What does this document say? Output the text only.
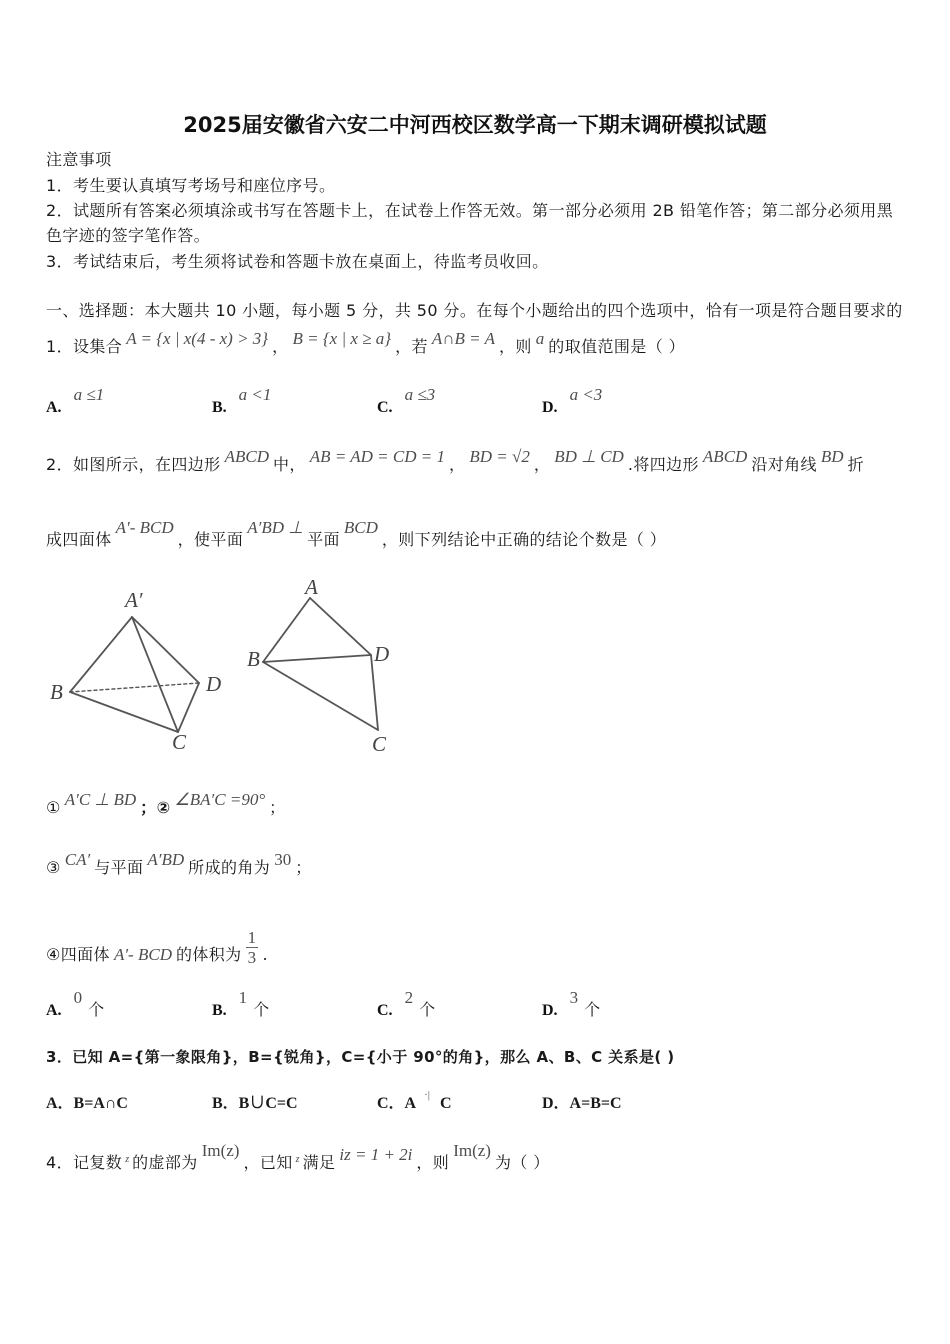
2025届安徽省六安二中河西校区数学高一下期末调研模拟试题
注意事项
1．考生要认真填写考场号和座位序号。
2．试题所有答案必须填涂或书写在答题卡上，在试卷上作答无效。第一部分必须用 2B 铅笔作答；第二部分必须用黑
色字迹的签字笔作答。
3．考试结束后，考生须将试卷和答题卡放在桌面上，待监考员收回。
一、选择题：本大题共 10 小题，每小题 5 分，共 50 分。在每个小题给出的四个选项中，恰有一项是符合题目要求的
1．设集合 A = {x | x(4 - x) > 3} ， B = {x | x ≥ a} ，若 A∩B = A ，则 a 的取值范围是（ ）
A.a ≤1
B.a <1
C.a ≤3
D.a <3
2．如图所示，在四边形 ABCD 中， AB = AD = CD = 1 ， BD = √2 ， BD ⊥ CD .将四边形 ABCD 沿对角线 BD 折
成四面体A′- BCD，使平面A′BD ⊥平面BCD，则下列结论中正确的结论个数是（ ）
A′
B	D
C
A
B	D
C
① A′C ⊥ BD ；② ∠BA′C =90° ；
③ CA′ 与平面 A′BD 所成的角为 30 ；
④四面体 A′- BCD 的体积为 $\frac{1}{3}$ .
A.0个	B.1个	C.2个	D.3个
3．已知 A={第一象限角}，B={锐角}，C={小于 90°的角}，那么 A、B、C 关系是( )
A．B=A∩C	B．B∪C=C	C．A ·| C	D．A=B=C
4．记复数 $^z$ 的虚部为Im(z)，已知 $^z$ 满足 iz = 1 + 2i ，则Im(z)为（ ）
